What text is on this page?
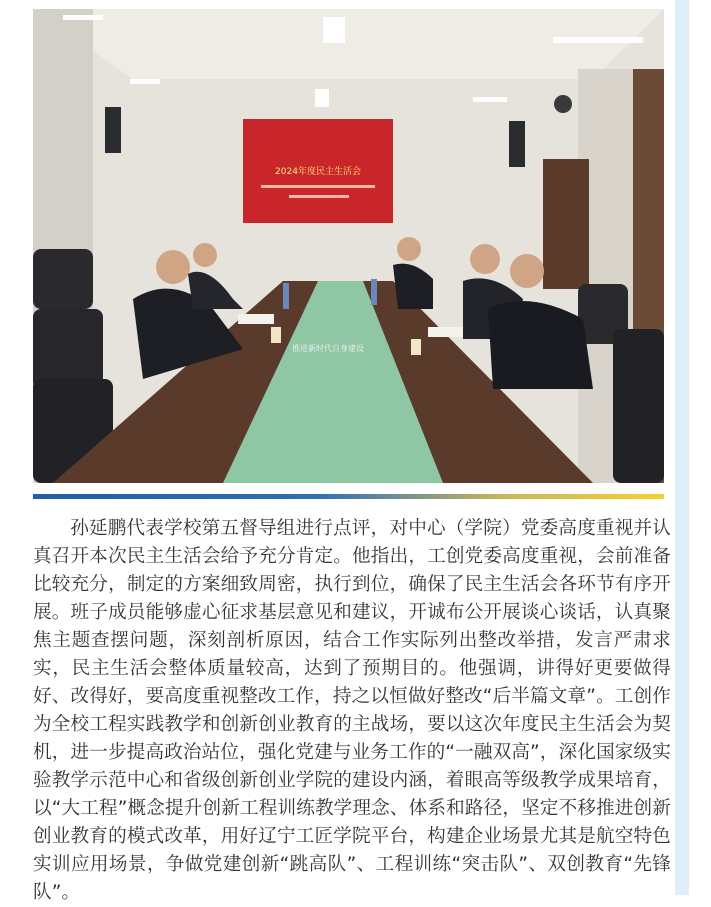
2024年度民主生活会
推进新时代自身建设

孙延鹏代表学校第五督导组进行点评，对中心（学院）党委高度重视并认真召开本次民主生活会给予充分肯定。他指出，工创党委高度重视，会前准备比较充分，制定的方案细致周密，执行到位，确保了民主生活会各环节有序开展。班子成员能够虚心征求基层意见和建议，开诚布公开展谈心谈话，认真聚焦主题查摆问题，深刻剖析原因，结合工作实际列出整改举措，发言严肃求实，民主生活会整体质量较高，达到了预期目的。他强调，讲得好更要做得好、改得好，要高度重视整改工作，持之以恒做好整改“后半篇文章”。工创作为全校工程实践教学和创新创业教育的主战场，要以这次年度民主生活会为契机，进一步提高政治站位，强化党建与业务工作的“一融双高”，深化国家级实验教学示范中心和省级创新创业学院的建设内涵，着眼高等级教学成果培育，以“大工程”概念提升创新工程训练教学理念、体系和路径，坚定不移推进创新创业教育的模式改革，用好辽宁工匠学院平台，构建企业场景尤其是航空特色实训应用场景，争做党建创新“跳高队”、工程训练“突击队”、双创教育“先锋队”。
